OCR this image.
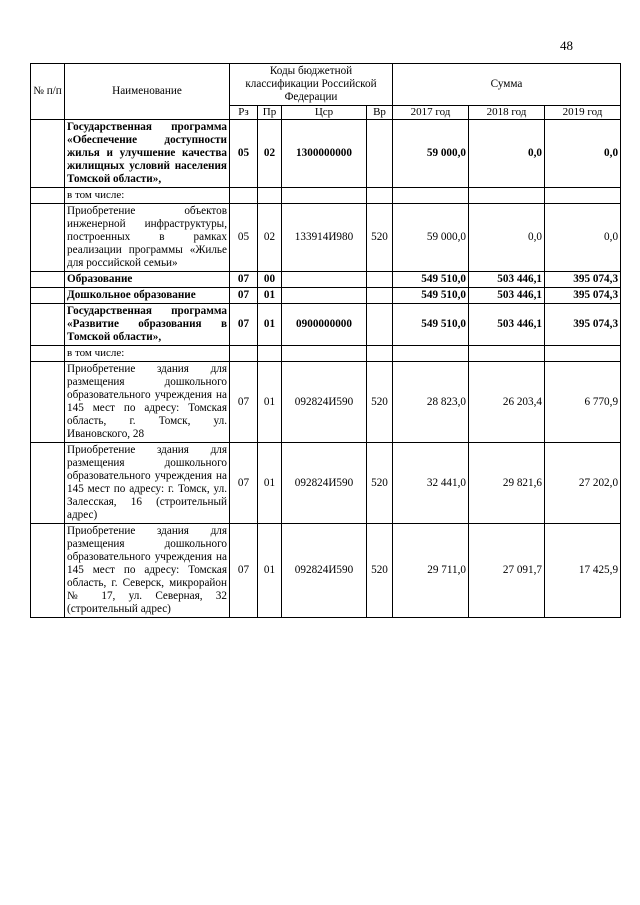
48
№ п/п	Наименование	Коды бюджетной классификации Российской Федерации				Сумма		
		Рз	Пр	Цср	Вр	2017 год	2018 год	2019 год
	Государственная программа «Обеспечение доступности жилья и улучшение качества жилищных условий населения Томской области»,	05	02	1300000000		59 000,0	0,0	0,0
	в том числе:							
	Приобретение объектов инженерной инфраструктуры, построенных в рамках реализации программы «Жилье для российской семьи»	05	02	133914И980	520	59 000,0	0,0	0,0
	Образование	07	00			549 510,0	503 446,1	395 074,3
	Дошкольное образование	07	01			549 510,0	503 446,1	395 074,3
	Государственная программа «Развитие образования в Томской области»,	07	01	0900000000		549 510,0	503 446,1	395 074,3
	в том числе:							
	Приобретение здания для размещения дошкольного образовательного учреждения на 145 мест по адресу: Томская область, г. Томск, ул. Ивановского, 28	07	01	092824И590	520	28 823,0	26 203,4	6 770,9
	Приобретение здания для размещения дошкольного образовательного учреждения на 145 мест по адресу: г. Томск, ул. Залесская, 16 (строительный адрес)	07	01	092824И590	520	32 441,0	29 821,6	27 202,0
	Приобретение здания для размещения дошкольного образовательного учреждения на 145 мест по адресу: Томская область, г. Северск, микрорайон № 17, ул. Северная, 32 (строительный адрес)	07	01	092824И590	520	29 711,0	27 091,7	17 425,9
